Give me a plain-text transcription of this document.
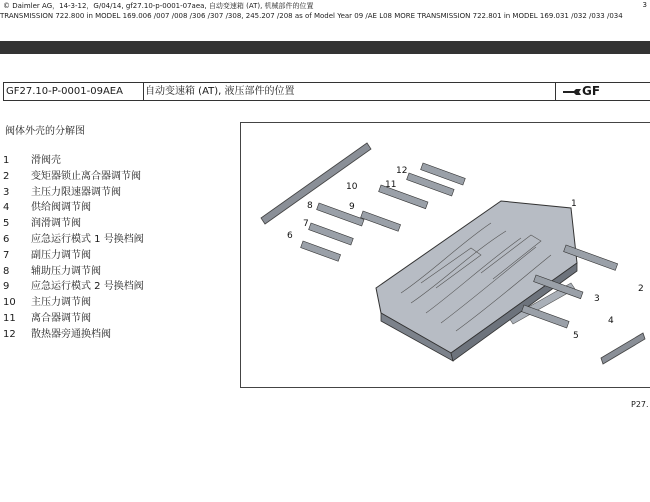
© Daimler AG，14-3-12，G/04/14, gf27.10-p-0001-07aea, 自动变速箱 (AT), 机械部件的位置
TRANSMISSION 722.800 in MODEL 169.006 /007 /008 /306 /307 /308, 245.207 /208 as of Model Year 09 /AE L08 MORE TRANSMISSION 722.801 in MODEL 169.031 /032 /033 /034
3
GF27.10-P-0001-09AEA	自动变速箱 (AT), 液压部件的位置	GF
阀体外壳的分解图
1 滑阀壳
2 变矩器锁止离合器调节阀
3 主压力限速器调节阀
4 供给阀调节阀
5 润滑调节阀
6 应急运行模式 1 号换档阀
7 副压力调节阀
8 辅助压力调节阀
9 应急运行模式 2 号换档阀
10 主压力调节阀
11 离合器调节阀
12 散热器旁通换档阀
1
2
3
4
5
6
7
8	9
10	11
12
P27.
